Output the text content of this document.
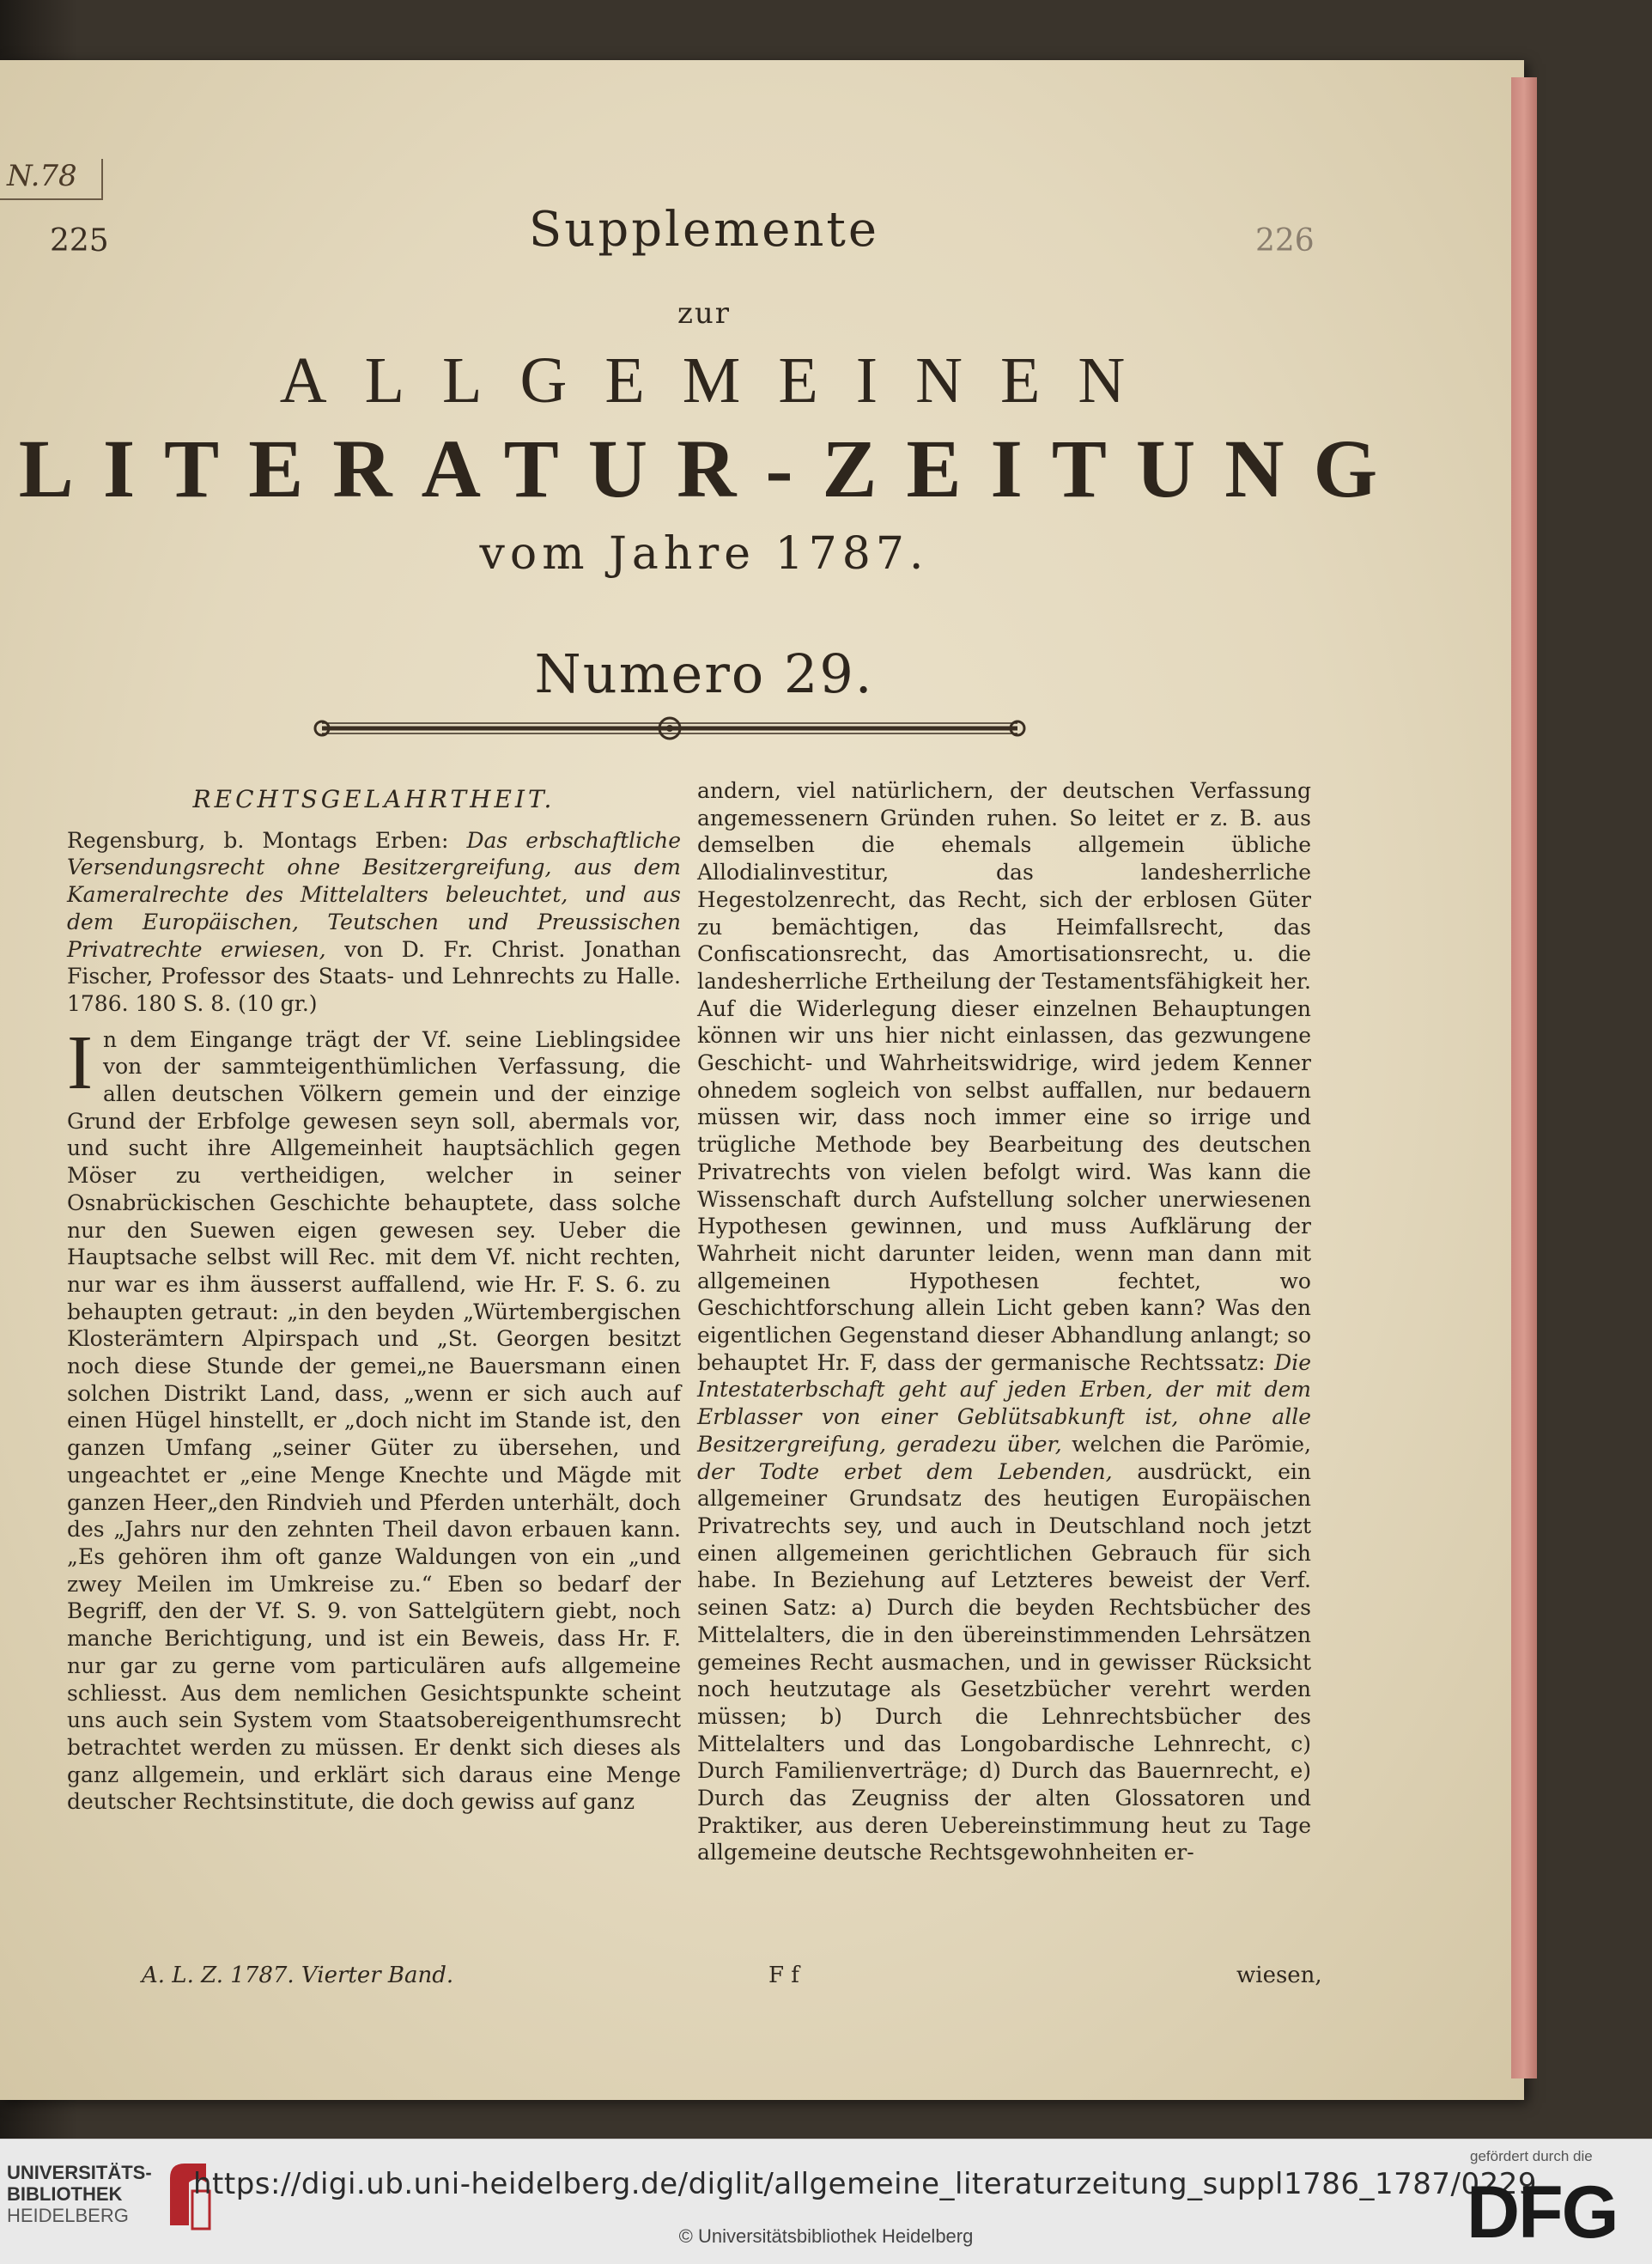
N.78
225	226
Supplemente
zur
ALLGEMEINEN
LITERATUR-ZEITUNG
vom Jahre 1787.
Numero 29.
RECHTSGELAHRTHEIT.

Regensburg, b. Montags Erben: Das erbschaftliche Versendungsrecht ohne Besitzergreifung, aus dem Kameralrechte des Mittelalters beleuchtet, und aus dem Europäischen, Teutschen und Preussischen Privatrechte erwiesen, von D. Fr. Christ. Jonathan Fischer, Professor des Staats- und Lehnrechts zu Halle. 1786. 180 S. 8. (10 gr.)

I n dem Eingange trägt der Vf. seine Lieblingsidee von der sammteigenthümlichen Verfassung, die allen deutschen Völkern gemein und der einzige Grund der Erbfolge gewesen seyn soll, abermals vor, und sucht ihre Allgemeinheit hauptsächlich gegen Möser zu vertheidigen, welcher in seiner Osnabrückischen Geschichte behauptete, dass solche nur den Suewen eigen gewesen sey. Ueber die Hauptsache selbst will Rec. mit dem Vf. nicht rechten, nur war es ihm äusserst auffallend, wie Hr. F. S. 6. zu behaupten getraut: „in den beyden „Würtembergischen Klosterämtern Alpirspach und „St. Georgen besitzt noch diese Stunde der gemei„ne Bauersmann einen solchen Distrikt Land, dass, „wenn er sich auch auf einen Hügel hinstellt, er „doch nicht im Stande ist, den ganzen Umfang „seiner Güter zu übersehen, und ungeachtet er „eine Menge Knechte und Mägde mit ganzen Heer„den Rindvieh und Pferden unterhält, doch des „Jahrs nur den zehnten Theil davon erbauen kann. „Es gehören ihm oft ganze Waldungen von ein „und zwey Meilen im Umkreise zu.“ Eben so bedarf der Begriff, den der Vf. S. 9. von Sattelgütern giebt, noch manche Berichtigung, und ist ein Beweis, dass Hr. F. nur gar zu gerne vom particulären aufs allgemeine schliesst. Aus dem nemlichen Gesichtspunkte scheint uns auch sein System vom Staatsobereigenthumsrecht betrachtet werden zu müssen. Er denkt sich dieses als ganz allgemein, und erklärt sich daraus eine Menge deutscher Rechtsinstitute, die doch gewiss auf ganz

andern, viel natürlichern, der deutschen Verfassung angemessenern Gründen ruhen. So leitet er z. B. aus demselben die ehemals allgemein übliche Allodialinvestitur, das landesherrliche Hegestolzenrecht, das Recht, sich der erblosen Güter zu bemächtigen, das Heimfallsrecht, das Confiscationsrecht, das Amortisationsrecht, u. die landesherrliche Ertheilung der Testamentsfähigkeit her. Auf die Widerlegung dieser einzelnen Behauptungen können wir uns hier nicht einlassen, das gezwungene Geschicht- und Wahrheitswidrige, wird jedem Kenner ohnedem sogleich von selbst auffallen, nur bedauern müssen wir, dass noch immer eine so irrige und trügliche Methode bey Bearbeitung des deutschen Privatrechts von vielen befolgt wird. Was kann die Wissenschaft durch Aufstellung solcher unerwiesenen Hypothesen gewinnen, und muss Aufklärung der Wahrheit nicht darunter leiden, wenn man dann mit allgemeinen Hypothesen fechtet, wo Geschichtforschung allein Licht geben kann? Was den eigentlichen Gegenstand dieser Abhandlung anlangt; so behauptet Hr. F, dass der germanische Rechtssatz: Die Intestaterbschaft geht auf jeden Erben, der mit dem Erblasser von einer Geblütsabkunft ist, ohne alle Besitzergreifung, geradezu über, welchen die Parömie, der Todte erbet dem Lebenden, ausdrückt, ein allgemeiner Grundsatz des heutigen Europäischen Privatrechts sey, und auch in Deutschland noch jetzt einen allgemeinen gerichtlichen Gebrauch für sich habe. In Beziehung auf Letzteres beweist der Verf. seinen Satz: a) Durch die beyden Rechtsbücher des Mittelalters, die in den übereinstimmenden Lehrsätzen gemeines Recht ausmachen, und in gewisser Rücksicht noch heutzutage als Gesetzbücher verehrt werden müssen; b) Durch die Lehnrechtsbücher des Mittelalters und das Longobardische Lehnrecht, c) Durch Familienverträge; d) Durch das Bauernrecht, e) Durch das Zeugniss der alten Glossatoren und Praktiker, aus deren Uebereinstimmung heut zu Tage allgemeine deutsche Rechtsgewohnheiten er-

A. L. Z. 1787. Vierter Band.	F f	wiesen,
UNIVERSITÄTS-
BIBLIOTHEK
HEIDELBERG
https://digi.ub.uni-heidelberg.de/diglit/allgemeine_literaturzeitung_suppl1786_1787/0229
© Universitätsbibliothek Heidelberg
gefördert durch die
DFG
